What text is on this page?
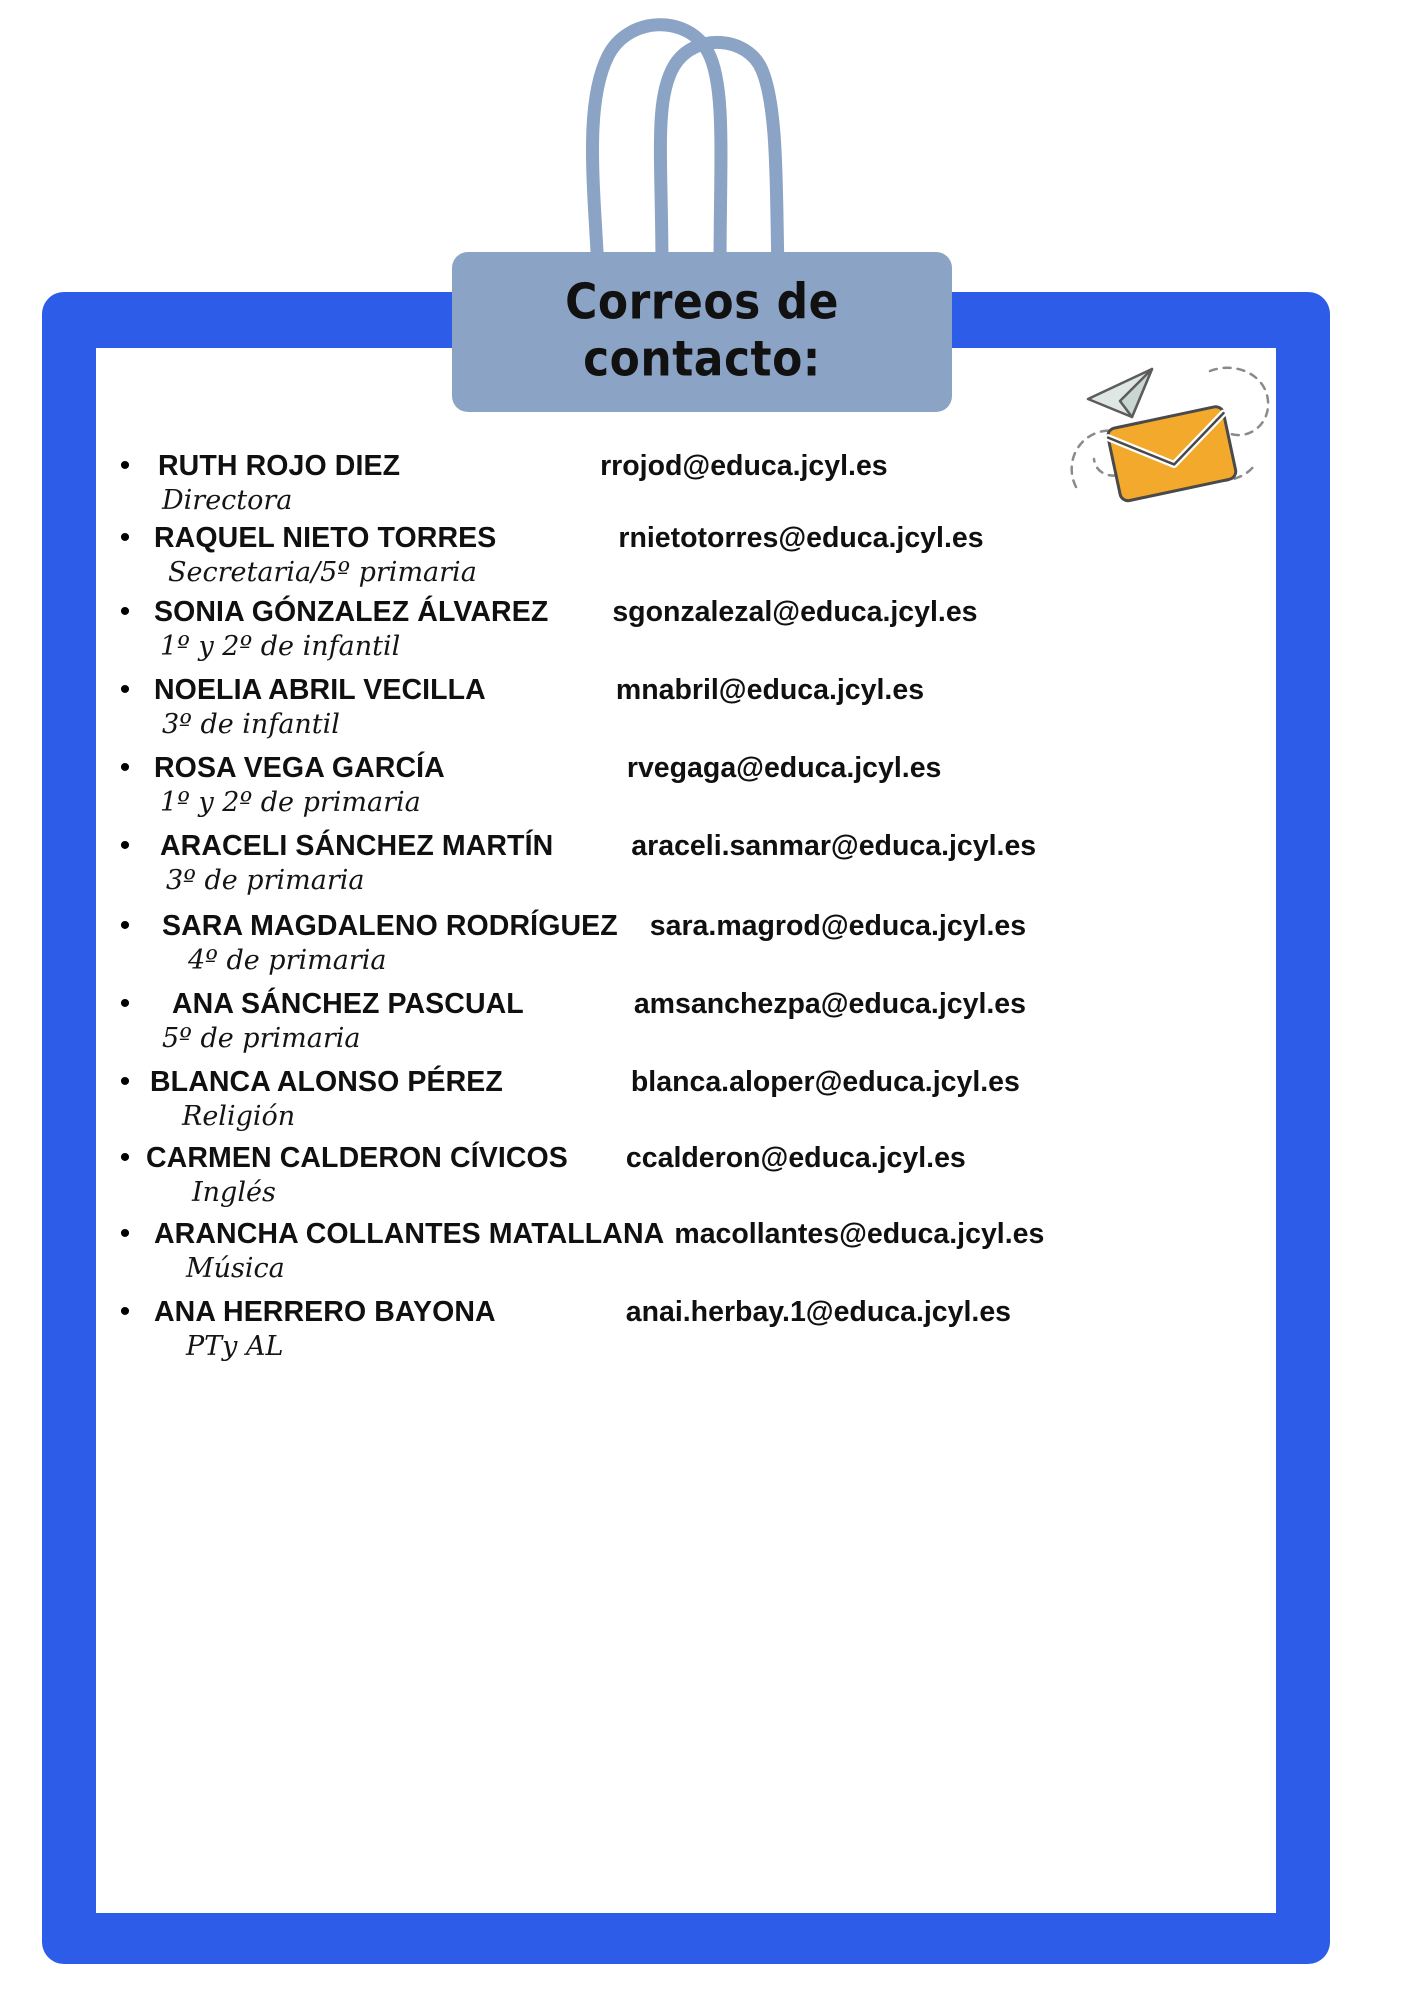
Correos de
contacto:
• RUTH ROJO DIEZ	rrojod@educa.jcyl.es
Directora
• RAQUEL NIETO TORRES	rnietotorres@educa.jcyl.es
Secretaria/5º primaria
• SONIA GÓNZALEZ ÁLVAREZ sgonzalezal@educa.jcyl.es
1º y 2º de infantil
• NOELIA ABRIL VECILLA	mnabril@educa.jcyl.es
3º de infantil
• ROSA VEGA GARCÍA	rvegaga@educa.jcyl.es
1º y 2º de primaria
•	ARACELI SÁNCHEZ MARTÍN	araceli.sanmar@educa.jcyl.es
3º de primaria
•	SARA MAGDALENO RODRÍGUEZ sara.magrod@educa.jcyl.es
4º de primaria
•	ANA SÁNCHEZ PASCUAL	amsanchezpa@educa.jcyl.es
5º de primaria
• BLANCA ALONSO PÉREZ	blanca.aloper@educa.jcyl.es
Religión
• CARMEN CALDERON CÍVICOS ccalderon@educa.jcyl.es
Inglés
• ARANCHA COLLANTES MATALLANA macollantes@educa.jcyl.es
Música
• ANA HERRERO BAYONA	anai.herbay.1@educa.jcyl.es
PTy AL
